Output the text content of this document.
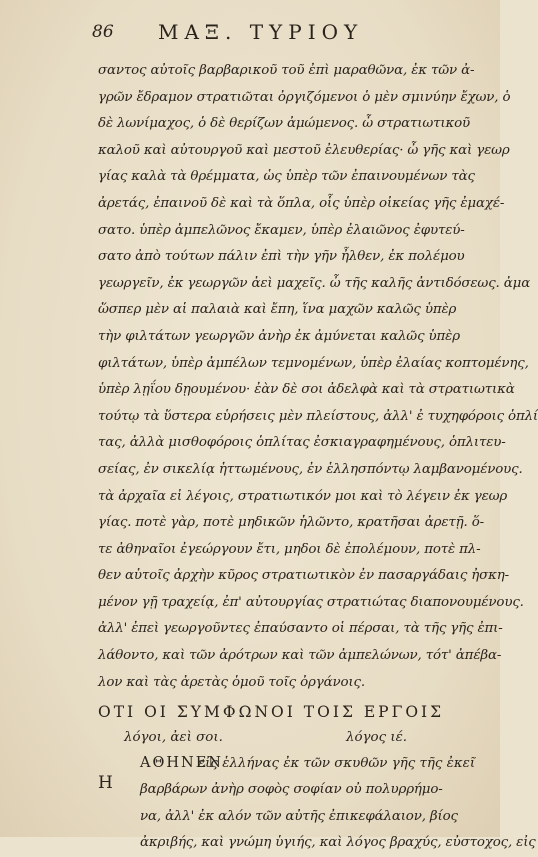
86 ΜΑΞ. ΤΥΡΙΟΥ
σαντος αὐτοῖς βαρβαρικοῦ τοῦ ἐπὶ μαραθῶνα, ἐκ τῶν ἀ-
γρῶν ἔδραμον στρατιῶται ὀργιζόμενοι ὁ μὲν σμινύην ἔχων, ὁ
δὲ λωνίμαχος, ὁ δὲ θερίζων ἀμώμενος. ὦ στρατιωτικοῦ
καλοῦ καὶ αὐτουργοῦ καὶ μεστοῦ ἐλευθερίας· ὦ γῆς καὶ γεωρ
γίας καλὰ τὰ θρέμματα, ὡς ὑπὲρ τῶν ἐπαινουμένων τὰς
ἀρετάς, ἐπαινοῦ δὲ καὶ τὰ ὅπλα, οἷς ὑπὲρ οἰκείας γῆς ἐμαχέ-
σατο. ὑπὲρ ἀμπελῶνος ἔκαμεν, ὑπὲρ ἐλαιῶνος ἐφυτεύ-
σατο ἀπὸ τούτων πάλιν ἐπὶ τὴν γῆν ἦλθεν, ἐκ πολέμου
γεωργεῖν, ἐκ γεωργῶν ἀεὶ μαχεῖς. ὦ τῆς καλῆς ἀντιδόσεως. ἀμα
ὥσπερ μὲν αἱ παλαιὰ καὶ ἔπη, ἵνα μαχῶν καλῶς ὑπὲρ
τὴν φιλτάτων γεωργῶν ἀνὴρ ἐκ ἀμύνεται καλῶς ὑπὲρ
φιλτάτων, ὑπὲρ ἀμπέλων τεμνομένων, ὑπὲρ ἐλαίας κοπτομένης,
ὑπὲρ λῃΐου δῃουμένου· ἐὰν δὲ σοι ἀδελφὰ καὶ τὰ στρατιωτικὰ
τούτῳ τὰ ὕστερα εὑρήσεις μὲν πλείστους, ἀλλ' ἐ τυχηφόροις ὁπλί
τας, ἀλλὰ μισθοφόροις ὁπλίτας ἐσκιαγραφημένους, ὁπλιτευ-
σείας, ἐν σικελίᾳ ἡττωμένους, ἐν ἑλλησπόντῳ λαμβανομένους.
τὰ ἀρχαῖα εἰ λέγοις, στρατιωτικόν μοι καὶ τὸ λέγειν ἐκ γεωρ
γίας. ποτὲ γὰρ, ποτὲ μηδικῶν ἡλῶντο, κρατῆσαι ἀρετῇ. ὅ-
τε ἀθηναῖοι ἐγεώργουν ἔτι, μηδοι δὲ ἐπολέμουν, ποτὲ πλ-
θεν αὐτοῖς ἀρχὴν κῦρος στρατιωτικὸν ἐν πασαργάδαις ἠσκη-
μένον γῇ τραχείᾳ, ἐπ' αὐτουργίας στρατιώτας διαπονουμένους.
ἀλλ' ἐπεὶ γεωργοῦντες ἐπαύσαντο οἱ πέρσαι, τὰ τῆς γῆς ἐπι-
λάθοντο, καὶ τῶν ἀρότρων καὶ τῶν ἀμπελώνων, τότ' ἀπέβα-
λον καὶ τὰς ἀρετὰς ὁμοῦ τοῖς ὀργάνοις.
ΟΤΙ ΟΙ ΣΥΜΦΩΝΟΙ ΤΟΙΣ ΕΡΓΟΙΣ
λόγοι, ἀεὶ σοι.	λόγος ιέ.
Η
ΑΘΗΝΕΝ
εἰς ἑλλήνας ἐκ τῶν σκυθῶν γῆς τῆς ἐκεῖ
βαρβάρων ἀνὴρ σοφὸς σοφίαν οὐ πολυρρήμο-
να, ἀλλ' ἐκ αλόν τῶν αὐτῆς ἐπικεφάλαιον, βίος
ἀκριβής, καὶ γνώμη ὑγιής, καὶ λόγος βραχύς, εὐστοχος, εἰς
